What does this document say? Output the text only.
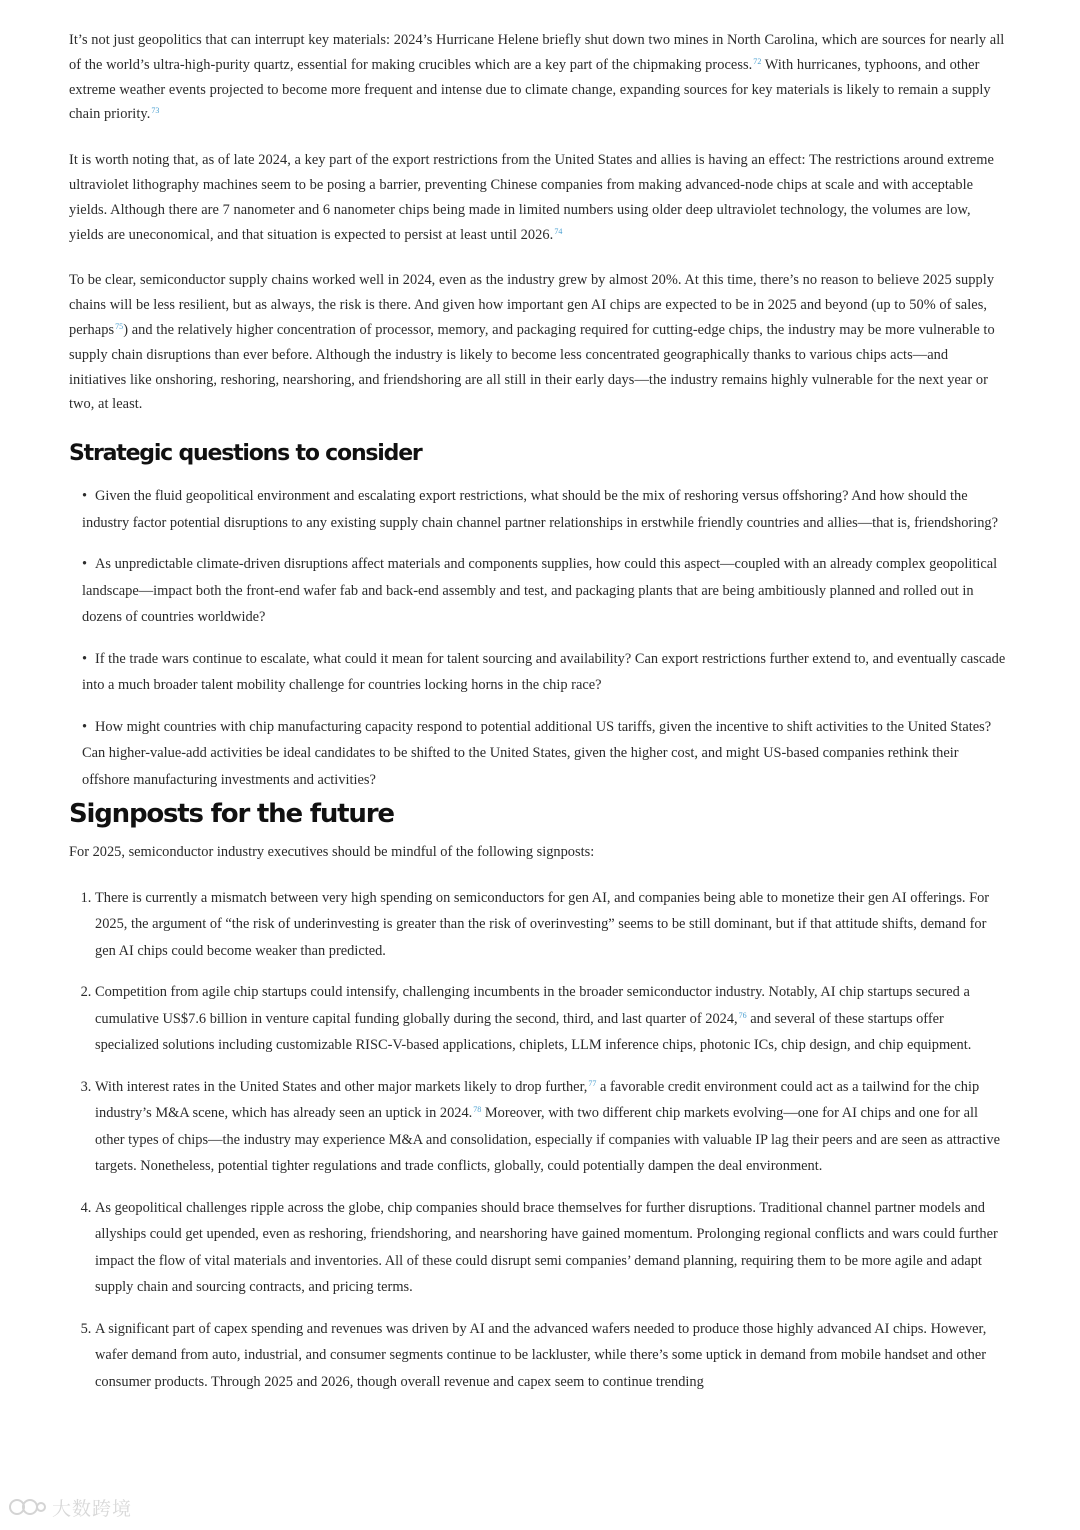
It’s not just geopolitics that can interrupt key materials: 2024’s Hurricane Helene briefly shut down two mines in North Carolina, which are sources for nearly all of the world’s ultra-high-purity quartz, essential for making crucibles which are a key part of the chipmaking process.$^{72}$ With hurricanes, typhoons, and other extreme weather events projected to become more frequent and intense due to climate change, expanding sources for key materials is likely to remain a supply chain priority.$^{73}$

It is worth noting that, as of late 2024, a key part of the export restrictions from the United States and allies is having an effect: The restrictions around extreme ultraviolet lithography machines seem to be posing a barrier, preventing Chinese companies from making advanced-node chips at scale and with acceptable yields. Although there are 7 nanometer and 6 nanometer chips being made in limited numbers using older deep ultraviolet technology, the volumes are low, yields are uneconomical, and that situation is expected to persist at least until 2026.74

To be clear, semiconductor supply chains worked well in 2024, even as the industry grew by almost 20%. At this time, there’s no reason to believe 2025 supply chains will be less resilient, but as always, the risk is there. And given how important gen AI chips are expected to be in 2025 and beyond (up to 50% of sales, perhaps$^{75}$) and the relatively higher concentration of processor, memory, and packaging required for cutting-edge chips, the industry may be more vulnerable to supply chain disruptions than ever before. Although the industry is likely to become less concentrated geographically thanks to various chips acts—and initiatives like onshoring, reshoring, nearshoring, and friendshoring are all still in their early days—the industry remains highly vulnerable for the next year or two, at least.

Strategic questions to consider
• Given the fluid geopolitical environment and escalating export restrictions, what should be the mix of reshoring versus offshoring? And how should the industry factor potential disruptions to any existing supply chain channel partner relationships in erstwhile friendly countries and allies—that is, friendshoring?
• As unpredictable climate-driven disruptions affect materials and components supplies, how could this aspect—coupled with an already complex geopolitical landscape—impact both the front-end wafer fab and back-end assembly and test, and packaging plants that are being ambitiously planned and rolled out in dozens of countries worldwide?
• If the trade wars continue to escalate, what could it mean for talent sourcing and availability? Can export restrictions further extend to, and eventually cascade into a much broader talent mobility challenge for countries locking horns in the chip race?
• How might countries with chip manufacturing capacity respond to potential additional US tariffs, given the incentive to shift activities to the United States? Can higher-value-add activities be ideal candidates to be shifted to the United States, given the higher cost, and might US-based companies rethink their offshore manufacturing investments and activities?
Signposts for the future

For 2025, semiconductor industry executives should be mindful of the following signposts:

1. There is currently a mismatch between very high spending on semiconductors for gen AI, and companies being able to monetize their gen AI offerings. For 2025, the argument of “the risk of underinvesting is greater than the risk of overinvesting” seems to be still dominant, but if that attitude shifts, demand for gen AI chips could become weaker than predicted.
2. Competition from agile chip startups could intensify, challenging incumbents in the broader semiconductor industry. Notably, AI chip startups secured a cumulative US$7.6 billion in venture capital funding globally during the second, third, and last quarter of 2024,76 and several of these startups offer specialized solutions including customizable RISC-V-based applications, chiplets, LLM inference chips, photonic ICs, chip design, and chip equipment.
3. With interest rates in the United States and other major markets likely to drop further,$^{77}$ a favorable credit environment could act as a tailwind for the chip industry’s M&A scene, which has already seen an uptick in 2024.78 Moreover, with two different chip markets evolving—one for AI chips and one for all other types of chips—the industry may experience M&A and consolidation, especially if companies with valuable IP lag their peers and are seen as attractive targets. Nonetheless, potential tighter regulations and trade conflicts, globally, could potentially dampen the deal environment.
4. As geopolitical challenges ripple across the globe, chip companies should brace themselves for further disruptions. Traditional channel partner models and allyships could get upended, even as reshoring, friendshoring, and nearshoring have gained momentum. Prolonging regional conflicts and wars could further impact the flow of vital materials and inventories. All of these could disrupt semi companies’ demand planning, requiring them to be more agile and adapt supply chain and sourcing contracts, and pricing terms.
5. A significant part of capex spending and revenues was driven by AI and the advanced wafers needed to produce those highly advanced AI chips. However, wafer demand from auto, industrial, and consumer segments continue to be lackluster, while there’s some uptick in demand from mobile handset and other consumer products. Through 2025 and 2026, though overall revenue and capex seem to continue trending
大数跨境
